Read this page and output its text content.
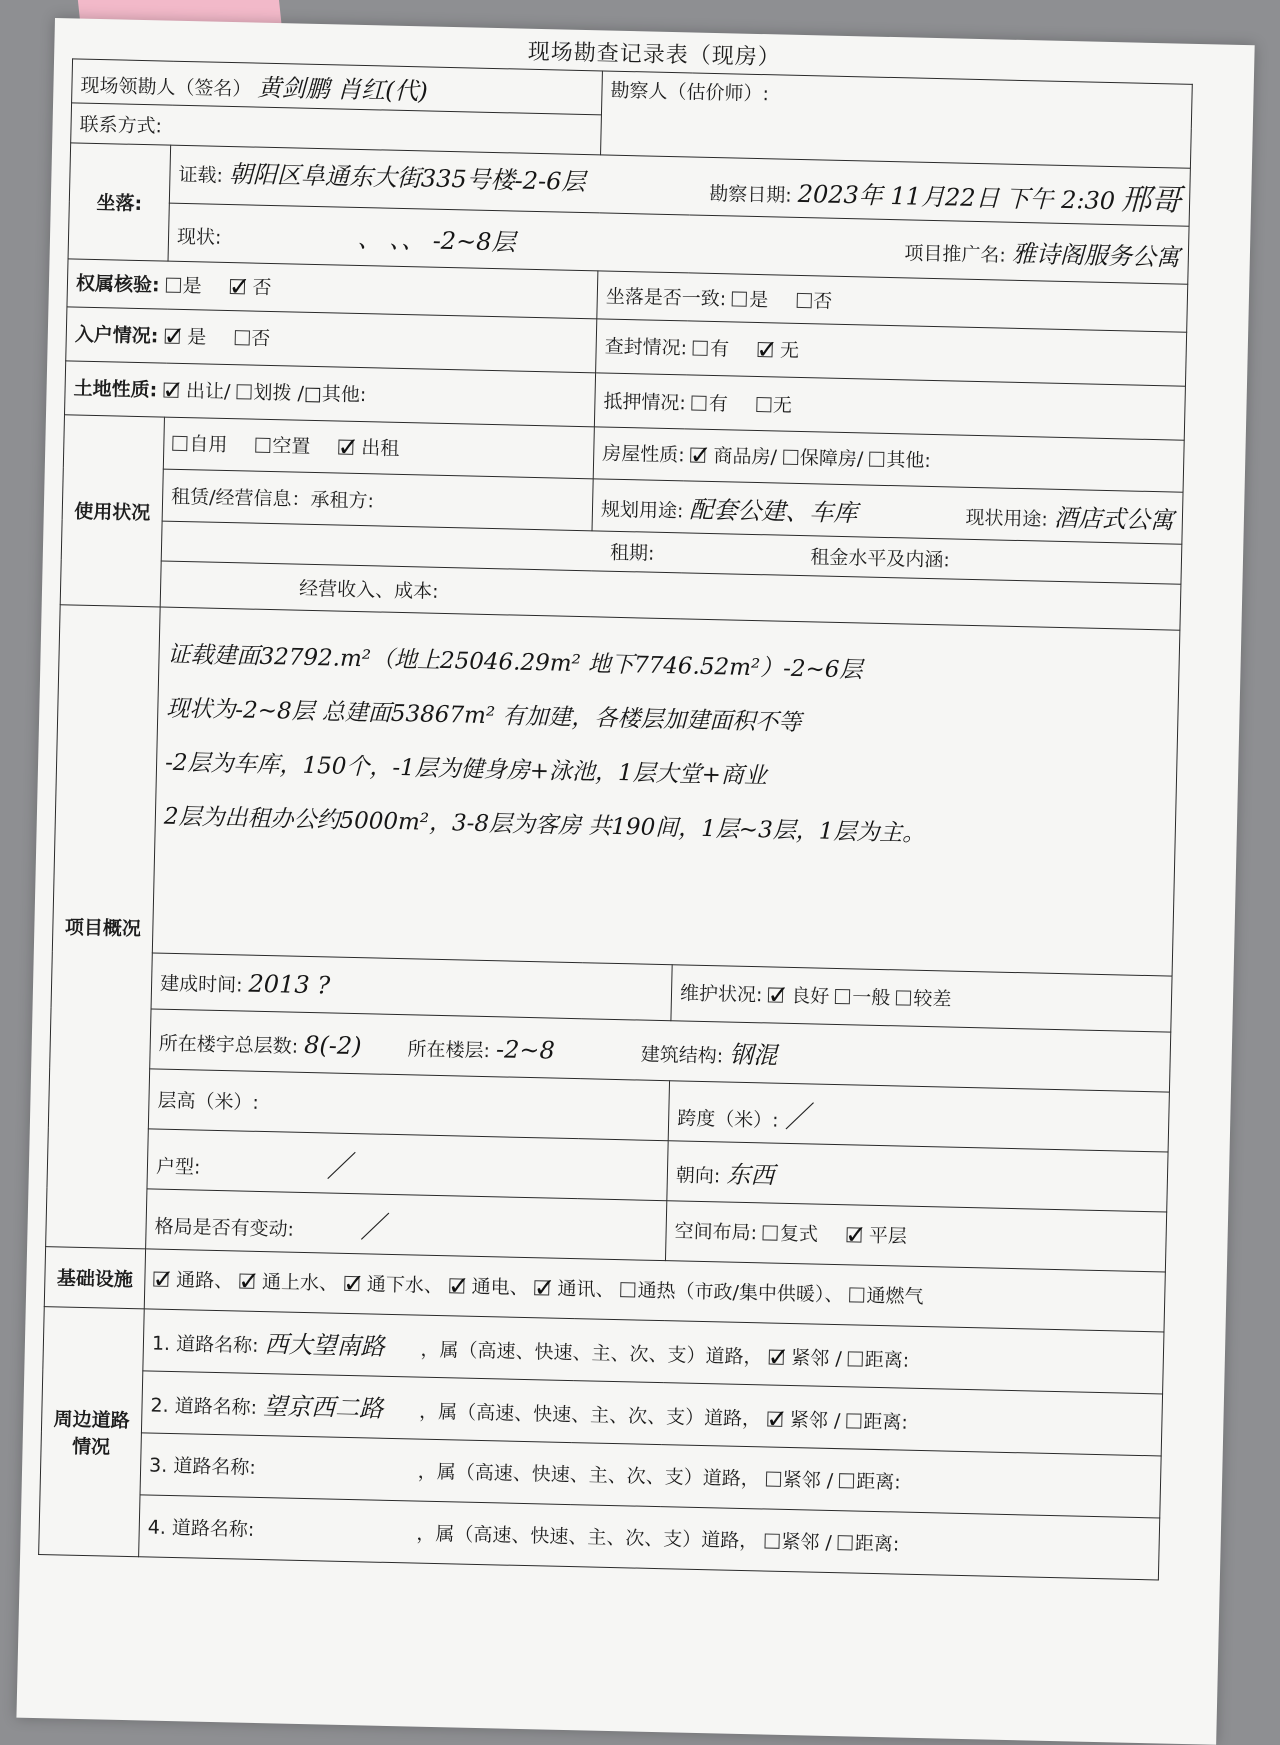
现场勘查记录表（现房）
现场领勘人（签名） 黄剑鹏 肖红(代)		勘察人（估价师）:	
联系方式:			
坐落:	证载: 朝阳区阜通东大街335号楼-2-6层 勘察日期: 2023年 11月22日 下午 2:30 邢哥		

	现状: 、 、、 -2~8层 项目推广名: 雅诗阁服务公寓		

权属核验: 是 ✓否		坐落是否一致: 是 否	
入户情况: ✓是 否		查封情况: 有 ✓无	
土地性质: ✓出让/ 划拨 /□其他:		抵押情况: 有 无	
使用状况	自用 空置 ✓出租	房屋性质: ✓商品房/ 保障房/ 其他:	
	租赁/经营信息：承租方:	规划用途: 配套公建、车库 现状用途: 酒店式公寓	

	租期: 租金水平及内涵:		
	经营收入、成本:		
项目概况	证载建面32792.m²（地上25046.29m² 地下7746.52m²）-2~6层
现状为-2~8层 总建面53867m² 有加建，各楼层加建面积不等
-2层为车库，150个，-1层为健身房+泳池，1层大堂+商业
2层为出租办公约5000m²，3-8层为客房 共190间，1层~3层，1层为主。		

	建成时间: 2013 ?		维护状况: ✓良好 一般 较差
	所在楼宇总层数: 8(-2) 所在楼层: -2~8 建筑结构: 钢混		
	层高（米）:		跨度（米）: ／
	户型: ／		朝向: 东西
	格局是否有变动: ／		空间布局: 复式 ✓平层
基础设施	✓通路、 ✓通上水、 ✓通下水、 ✓通电、 ✓通讯、 通热（市政/集中供暖）、 通燃气		
周边道路情况	1. 道路名称: 西大望南路 ，属（高速、快速、主、次、支）道路， ✓紧邻 / 距离:		
	2. 道路名称: 望京西二路 ，属（高速、快速、主、次、支）道路， ✓紧邻 / 距离:		
	3. 道路名称: ，属（高速、快速、主、次、支）道路， 紧邻 / 距离:		
	4. 道路名称: ，属（高速、快速、主、次、支）道路， 紧邻 / 距离:		
